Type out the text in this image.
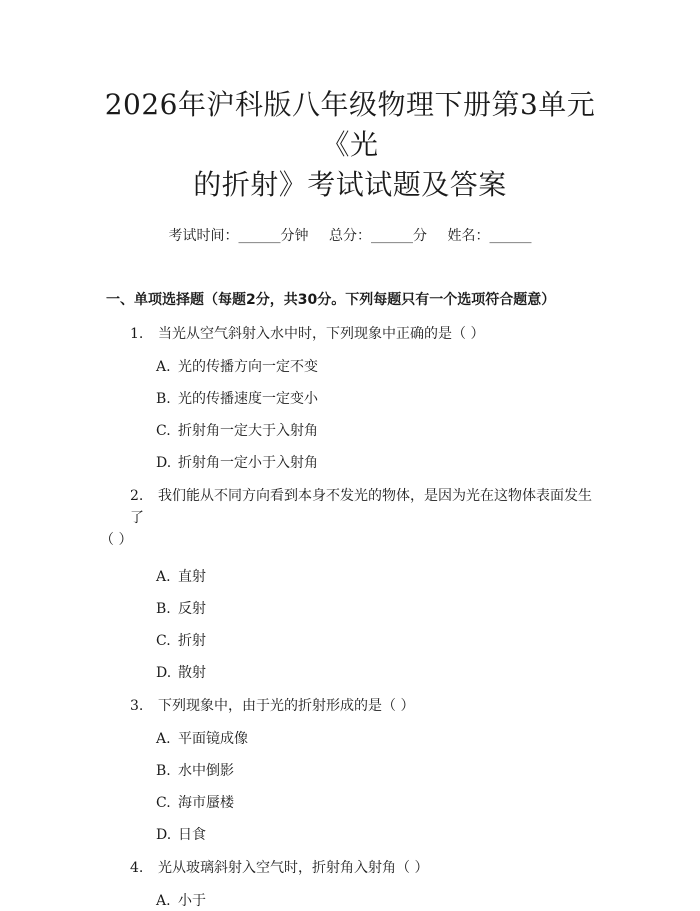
2026年沪科版八年级物理下册第3单元《光
的折射》考试试题及答案
考试时间：______分钟 总分：______分 姓名：______
一、单项选择题（每题2分，共30分。下列每题只有一个选项符合题意）
1. 当光从空气斜射入水中时，下列现象中正确的是（ ）
A. 光的传播方向一定不变
B. 光的传播速度一定变小
C. 折射角一定大于入射角
D. 折射角一定小于入射角
2. 我们能从不同方向看到本身不发光的物体，是因为光在这物体表面发生了
（ ）
A. 直射
B. 反射
C. 折射
D. 散射
3. 下列现象中，由于光的折射形成的是（ ）
A. 平面镜成像
B. 水中倒影
C. 海市蜃楼
D. 日食
4. 光从玻璃斜射入空气时，折射角入射角（ ）
A. 小于
